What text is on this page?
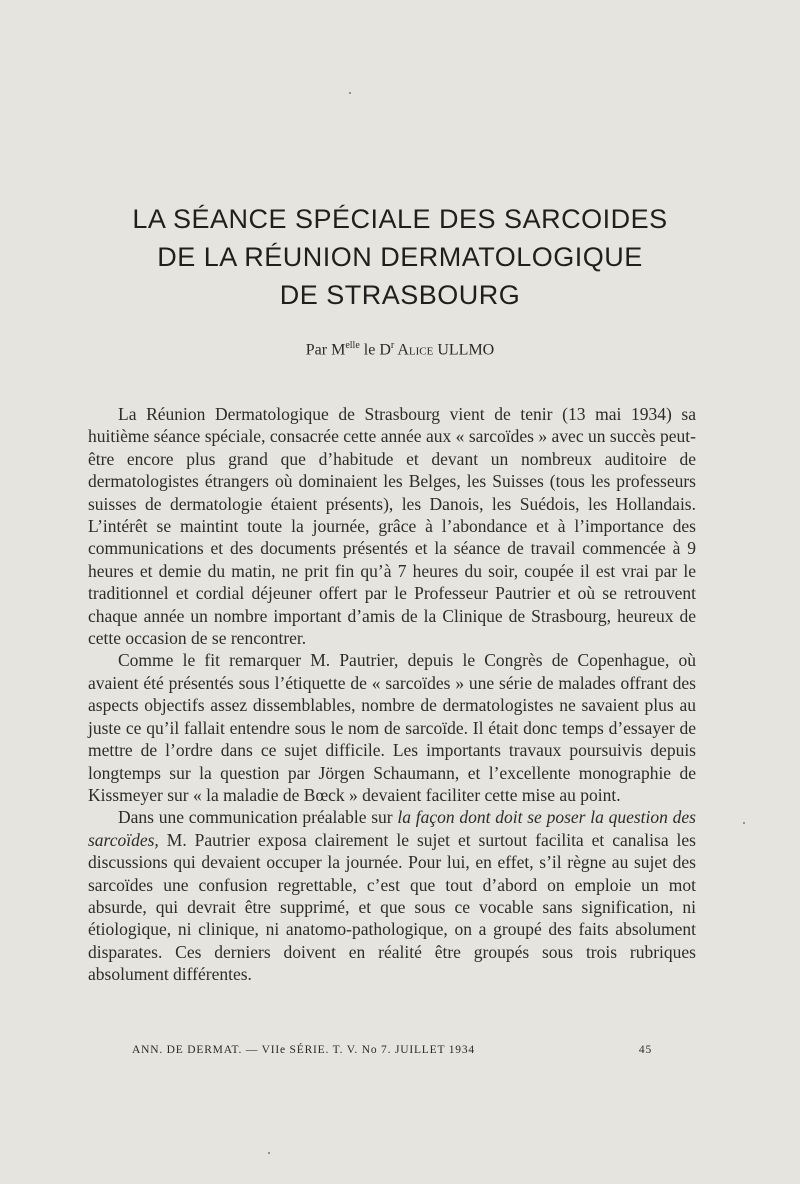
LA SÉANCE SPÉCIALE DES SARCOIDES
DE LA RÉUNION DERMATOLOGIQUE
DE STRASBOURG
Par $M^{elle}$ le $D^r$ Alice ULLMO

La Réunion Dermatologique de Strasbourg vient de tenir (13 mai 1934) sa huitième séance spéciale, consacrée cette année aux « sarcoïdes » avec un succès peut-être encore plus grand que d’habitude et devant un nombreux auditoire de dermatologistes étrangers où dominaient les Belges, les Suisses (tous les professeurs suisses de dermatologie étaient présents), les Danois, les Suédois, les Hollandais. L’intérêt se maintint toute la journée, grâce à l’abondance et à l’importance des communications et des documents présentés et la séance de travail commencée à 9 heures et demie du matin, ne prit fin qu’à 7 heures du soir, coupée il est vrai par le traditionnel et cordial déjeuner offert par le Professeur Pautrier et où se retrouvent chaque année un nombre important d’amis de la Clinique de Strasbourg, heureux de cette occasion de se rencontrer.

Comme le fit remarquer M. Pautrier, depuis le Congrès de Copenhague, où avaient été présentés sous l’étiquette de « sarcoïdes » une série de malades offrant des aspects objectifs assez dissemblables, nombre de dermatologistes ne savaient plus au juste ce qu’il fallait entendre sous le nom de sarcoïde. Il était donc temps d’essayer de mettre de l’ordre dans ce sujet difficile. Les importants travaux poursuivis depuis longtemps sur la question par Jörgen Schaumann, et l’excellente monographie de Kissmeyer sur « la maladie de Bœck » devaient faciliter cette mise au point.

Dans une communication préalable sur la façon dont doit se poser la question des sarcoïdes, M. Pautrier exposa clairement le sujet et surtout facilita et canalisa les discussions qui devaient occuper la journée. Pour lui, en effet, s’il règne au sujet des sarcoïdes une confusion regrettable, c’est que tout d’abord on emploie un mot absurde, qui devrait être supprimé, et que sous ce vocable sans signification, ni étiologique, ni clinique, ni anatomo-pathologique, on a groupé des faits absolument disparates. Ces derniers doivent en réalité être groupés sous trois rubriques absolument différentes.

ANN. DE DERMAT. — VIIe SÉRIE. T. V. No 7. JUILLET 1934	45
